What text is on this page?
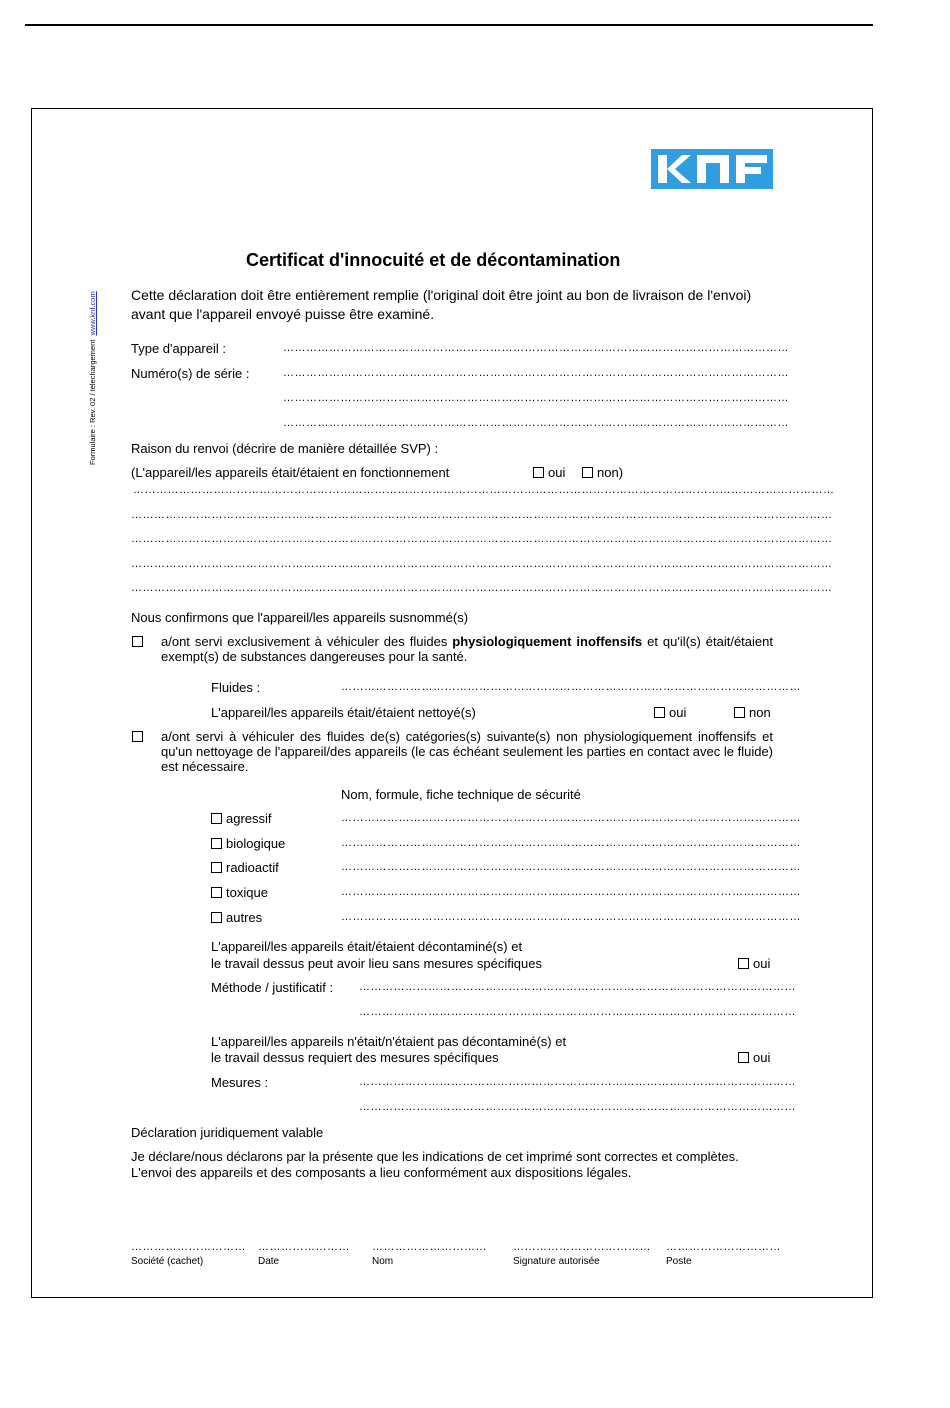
Formulaire : Rev. 02 / telechargement  www.knf.com
Certificat d'innocuité et de décontamination
Cette déclaration doit être entièrement remplie (l'original doit être joint au bon de livraison de l'envoi) avant que l'appareil envoyé puisse être examiné.
Type d'appareil :	……………………………………………………………………………………………………………………
Numéro(s) de série :	……………………………………………………………………………………………………………………
……………………………………………………………………………………………………………………
……………………………………………………………………………………………………………………
Raison du renvoi (décrire de manière détaillée SVP) :
(L'appareil/les appareils était/étaient en fonctionnement	oui	non)
…………………………………………………………………………………………………………………………………………………………………
…………………………………………………………………………………………………………………………………………………………………
…………………………………………………………………………………………………………………………………………………………………
…………………………………………………………………………………………………………………………………………………………………
…………………………………………………………………………………………………………………………………………………………………
Nous confirmons que l'appareil/les appareils susnommé(s)
a/ont servi exclusivement à véhiculer des fluides physiologiquement inoffensifs et qu'il(s) était/étaient exempt(s) de substances dangereuses pour la santé.
Fluides :	…………………………………………………………………………………………………………
L'appareil/les appareils était/étaient nettoyé(s)	oui	non
a/ont servi à véhiculer des fluides de(s) catégories(s) suivante(s) non physiologiquement inoffensifs et qu'un nettoyage de l'appareil/des appareils (le cas échéant seulement les parties en contact avec le fluide) est nécessaire.
Nom, formule, fiche technique de sécurité
agressif	…………………………………………………………………………………………………………
biologique	…………………………………………………………………………………………………………
radioactif	…………………………………………………………………………………………………………
toxique	…………………………………………………………………………………………………………
autres	…………………………………………………………………………………………………………
L'appareil/les appareils était/étaient décontaminé(s) et
le travail dessus peut avoir lieu sans mesures spécifiques	oui
Méthode / justificatif : ……………………………………………………………………………………………………
……………………………………………………………………………………………………
L'appareil/les appareils n'était/n'étaient pas décontaminé(s) et
le travail dessus requiert des mesures spécifiques	oui
Mesures :	……………………………………………………………………………………………………
……………………………………………………………………………………………………
Déclaration juridiquement valable
Je déclare/nous déclarons par la présente que les indications de cet imprimé sont correctes et complètes. L'envoi des appareils et des composants a lieu conformément aux dispositions légales.
…………………………
Société (cachet)
……………………
Date
…………………………
Nom
………………………………
Signature autorisée
…………………………
Poste
